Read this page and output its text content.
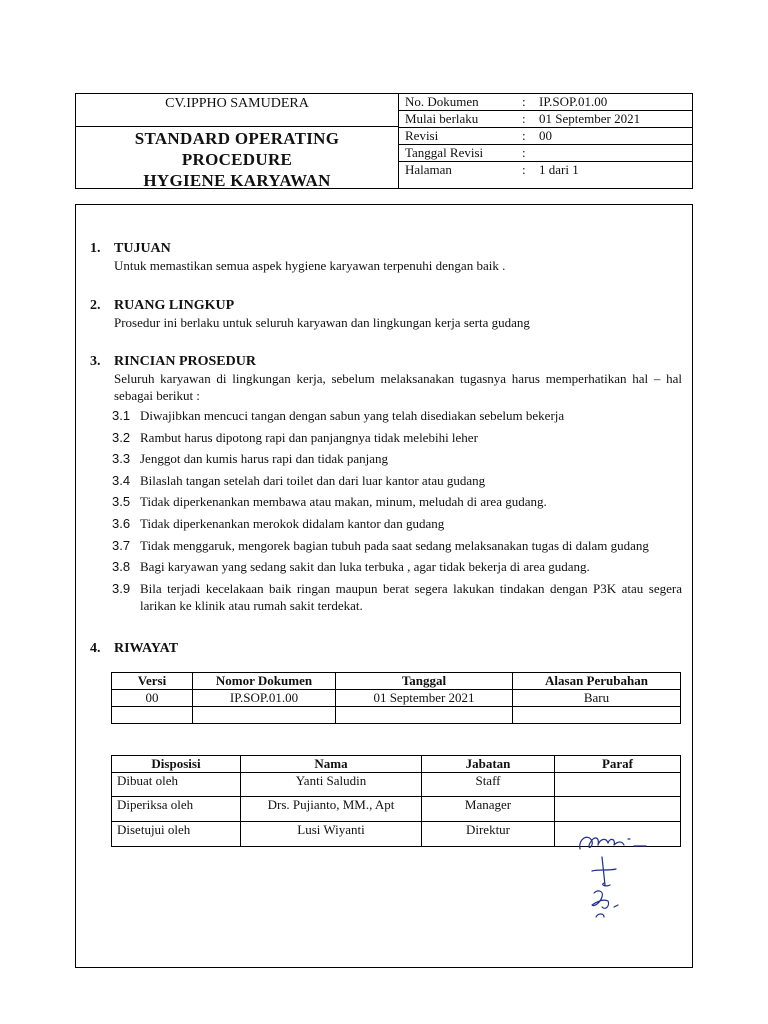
CV.IPPHO SAMUDERA
STANDARD OPERATING
PROCEDURE
HYGIENE KARYAWAN
No. Dokumen	: IP.SOP.01.00
Mulai berlaku	: 01 September 2021
Revisi	: 00
Tanggal Revisi	:
Halaman	: 1 dari 1
1. TUJUAN
Untuk memastikan semua aspek hygiene karyawan terpenuhi dengan baik .
2. RUANG LINGKUP
Prosedur ini berlaku untuk seluruh karyawan dan lingkungan kerja serta gudang
3. RINCIAN PROSEDUR
Seluruh karyawan di lingkungan kerja, sebelum melaksanakan tugasnya harus memperhatikan hal – hal sebagai berikut :
3.1 Diwajibkan mencuci tangan dengan sabun yang telah disediakan sebelum bekerja
3.2 Rambut harus dipotong rapi dan panjangnya tidak melebihi leher
3.3 Jenggot dan kumis harus rapi dan tidak panjang
3.4 Bilaslah tangan setelah dari toilet dan dari luar kantor atau gudang
3.5 Tidak diperkenankan membawa atau makan, minum, meludah di area gudang.
3.6 Tidak diperkenankan merokok didalam kantor dan gudang
3.7 Tidak menggaruk, mengorek bagian tubuh pada saat sedang melaksanakan tugas di dalam gudang
3.8 Bagi karyawan yang sedang sakit dan luka terbuka , agar tidak bekerja di area gudang.
3.9 Bila terjadi kecelakaan baik ringan maupun berat segera lakukan tindakan dengan P3K atau segera larikan ke klinik atau rumah sakit terdekat.
4. RIWAYAT
Versi	Nomor Dokumen	Tanggal	Alasan Perubahan
00	IP.SOP.01.00	01 September 2021	Baru

Disposisi	Nama	Jabatan	Paraf
Dibuat oleh	Yanti Saludin	Staff	
Diperiksa oleh	Drs. Pujianto, MM., Apt	Manager	
Disetujui oleh	Lusi Wiyanti	Direktur	
